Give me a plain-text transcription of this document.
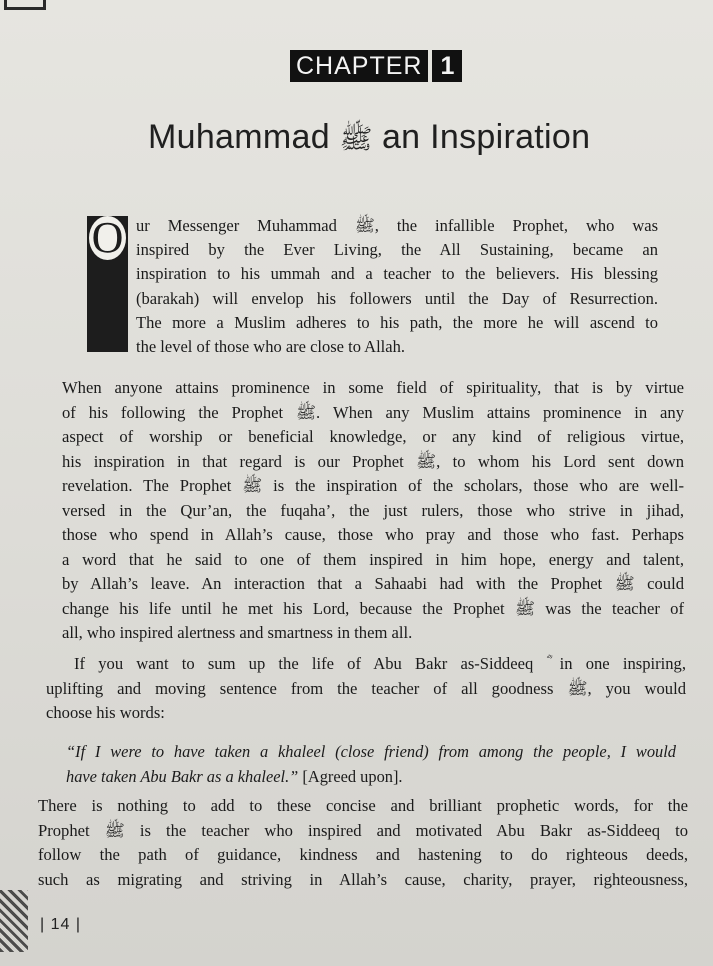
CHAPTER 1
Muhammad ﷺ an Inspiration
O ur Messenger Muhammad ﷺ, the infallible Prophet, who was
inspired by the Ever Living, the All Sustaining, became an
inspiration to his ummah and a teacher to the believers. His blessing
(barakah) will envelop his followers until the Day of Resurrection.
The more a Muslim adheres to his path, the more he will ascend to
the level of those who are close to Allah.
When anyone attains prominence in some field of spirituality, that is by virtue
of his following the Prophet ﷺ. When any Muslim attains prominence in any
aspect of worship or beneficial knowledge, or any kind of religious virtue,
his inspiration in that regard is our Prophet ﷺ, to whom his Lord sent down
revelation. The Prophet ﷺ is the inspiration of the scholars, those who are well-
versed in the Qur’an, the fuqaha’, the just rulers, those who strive in jihad,
those who spend in Allah’s cause, those who pray and those who fast. Perhaps
a word that he said to one of them inspired in him hope, energy and talent,
by Allah’s leave. An interaction that a Sahaabi had with the Prophet ﷺ could
change his life until he met his Lord, because the Prophet ﷺ was the teacher of
all, who inspired alertness and smartness in them all.
If you want to sum up the life of Abu Bakr as-Siddeeq ؓ in one inspiring,
uplifting and moving sentence from the teacher of all goodness ﷺ, you would
choose his words:
“If I were to have taken a khaleel (close friend) from among the people, I would
have taken Abu Bakr as a khaleel.” [Agreed upon].
There is nothing to add to these concise and brilliant prophetic words, for the
Prophet ﷺ is the teacher who inspired and motivated Abu Bakr as-Siddeeq to
follow the path of guidance, kindness and hastening to do righteous deeds,
such as migrating and striving in Allah’s cause, charity, prayer, righteousness,
| 14 |
